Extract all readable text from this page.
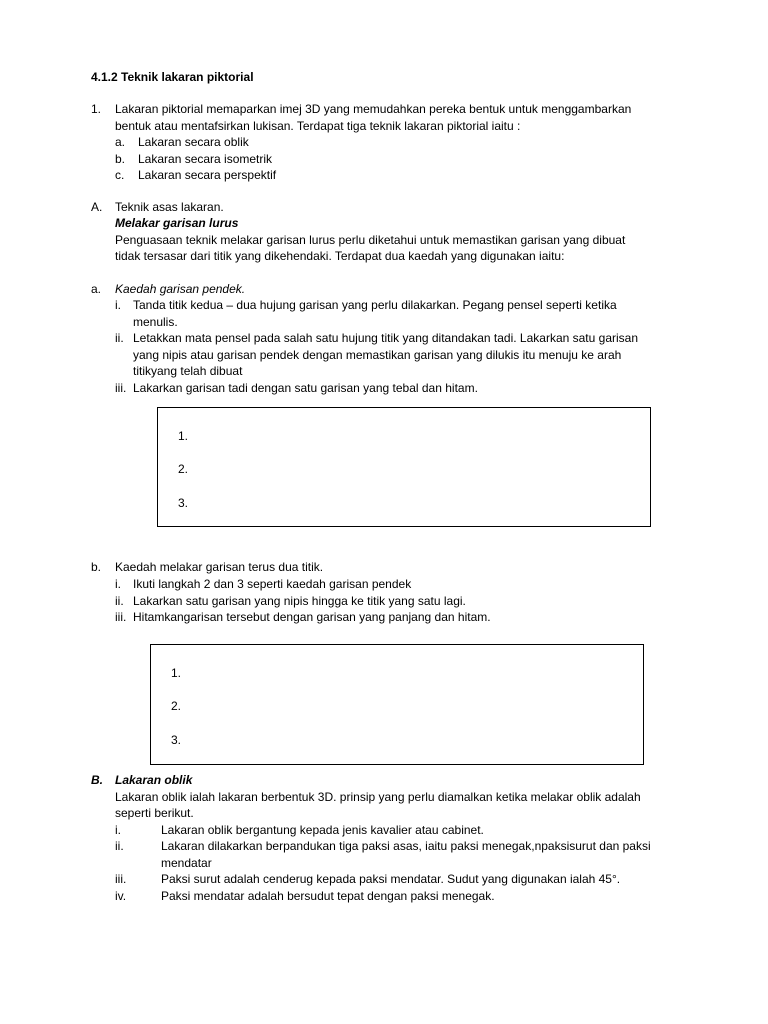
4.1.2 Teknik lakaran piktorial
1. Lakaran piktorial memaparkan imej 3D yang memudahkan pereka bentuk untuk menggambarkan
bentuk atau mentafsirkan lukisan. Terdapat tiga teknik lakaran piktorial iaitu :
a. Lakaran secara oblik
b. Lakaran secara isometrik
c. Lakaran secara perspektif
A. Teknik asas lakaran.
Melakar garisan lurus
Penguasaan teknik melakar garisan lurus perlu diketahui untuk memastikan garisan yang dibuat
tidak tersasar dari titik yang dikehendaki. Terdapat dua kaedah yang digunakan iaitu:
a. Kaedah garisan pendek.
i. Tanda titik kedua – dua hujung garisan yang perlu dilakarkan. Pegang pensel seperti ketika
menulis.
ii. Letakkan mata pensel pada salah satu hujung titik yang ditandakan tadi. Lakarkan satu garisan
yang nipis atau garisan pendek dengan memastikan garisan yang dilukis itu menuju ke arah
titikyang telah dibuat
iii. Lakarkan garisan tadi dengan satu garisan yang tebal dan hitam.
1.
2.
3.
b. Kaedah melakar garisan terus dua titik.
i. Ikuti langkah 2 dan 3 seperti kaedah garisan pendek
ii. Lakarkan satu garisan yang nipis hingga ke titik yang satu lagi.
iii. Hitamkangarisan tersebut dengan garisan yang panjang dan hitam.
1.
2.
3.
B. Lakaran oblik
Lakaran oblik ialah lakaran berbentuk 3D. prinsip yang perlu diamalkan ketika melakar oblik adalah
seperti berikut.
i.	Lakaran oblik bergantung kepada jenis kavalier atau cabinet.
ii.	Lakaran dilakarkan berpandukan tiga paksi asas, iaitu paksi menegak,npaksisurut dan paksi
mendatar
iii.	Paksi surut adalah cenderug kepada paksi mendatar. Sudut yang digunakan ialah 45°.
iv.	Paksi mendatar adalah bersudut tepat dengan paksi menegak.
